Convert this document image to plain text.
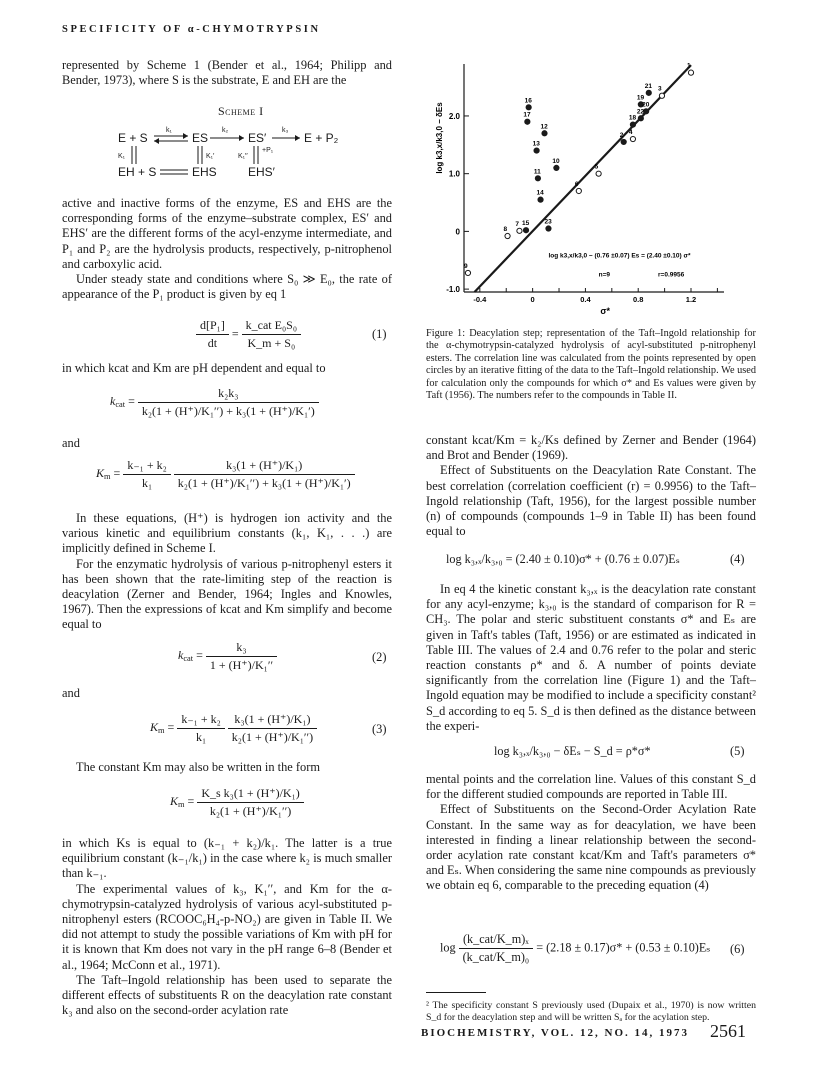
SPECIFICITY OF α-CHYMOTRYPSIN

represented by Scheme 1 (Bender et al., 1964; Philipp and Bender, 1973), where S is the substrate, E and EH are the

Scheme I
E + S
k₁
ES
k₂
ES′
k₃
E + P₂
K₁	K₁′	K₁′′
+P₁
EH + S	EHS	EHS′

active and inactive forms of the enzyme, ES and EHS are the corresponding forms of the enzyme–substrate complex, ES′ and EHS′ are the different forms of the acyl-enzyme intermediate, and P₁ and P₂ are the hydrolysis products, respectively, p-nitrophenol and carboxylic acid.

Under steady state and conditions where S₀ ≫ E₀, the rate of appearance of the P₁ product is given by eq 1

$\frac{\text{d[P₁]}}{dt} = \frac{\text{k\_cat E₀S₀}}{\text{K\_m + S₀}}$	(1)

in which kcat and Km are pH dependent and equal to

$k_{cat} = \frac{\text{k₂k₃}}{\text{k₂(1 + (H⁺)/K₁′′) + k₃(1 + (H⁺)/K₁′)}}$
and
$K_m = \frac{\text{k₋₁ + k₂}}{\text{k₁}}$
$\frac{\text{k₃(1 + (H⁺)/K₁)}}{\text{k₂(1 + (H⁺)/K₁′′) + k₃(1 + (H⁺)/K₁′)}}$

In these equations, (H⁺) is hydrogen ion activity and the various kinetic and equilibrium constants (k₁, K₁, . . .) are implicitly defined in Scheme I.

For the enzymatic hydrolysis of various p-nitrophenyl esters it has been shown that the rate-limiting step of the reaction is deacylation (Zerner and Bender, 1964; Ingles and Knowles, 1967). Then the expressions of kcat and Km simplify and become equal to

$k_{cat} = \frac{\text{k₃}}{\text{1 + (H⁺)/K₁′′}}$	(2)
and
$K_m = \frac{\text{k₋₁ + k₂}}{\text{k₁}}$
$\frac{\text{k₃(1 + (H⁺)/K₁)}}{\text{k₂(1 + (H⁺)/K₁′′)}}$	(3)

The constant Km may also be written in the form

$K_m = \frac{\text{K\_s k₃(1 + (H⁺)/K₁)}}{\text{k₂(1 + (H⁺)/K₁′′)}}$

in which Ks is equal to (k₋₁ + k₂)/k₁. The latter is a true equilibrium constant (k₋₁/k₁) in the case where k₂ is much smaller than k₋₁.

The experimental values of k₃, K₁′′, and Km for the α-chymotrypsin-catalyzed hydrolysis of various acyl-substituted p-nitrophenyl esters (RCOOC₆H₄-p-NO₂) are given in Table II. We did not attempt to study the possible variations of Km with pH for it is known that Km does not vary in the pH range 6–8 (Bender et al., 1964; McConn et al., 1971).

The Taft–Ingold relationship has been used to separate the different effects of substituents R on the deacylation rate constant k₃ and also on the second-order acylation rate

2.0
1.0
0
-1.0
-0.4	0	0.4	0.8	1.2
log k3,x/k3,0 − δEs
σ*
1
2
3
4
5
6
7
8
9
10
11
12
13
14
15
16
17	18
19
20
21
22
23
log k3,x/k3,0 − (0.76 ±0.07) Es = (2.40 ±0.10) σ*
n=9	r=0.9956
Figure 1: Deacylation step; representation of the Taft–Ingold relationship for the α-chymotrypsin-catalyzed hydrolysis of acyl-substituted p-nitrophenyl esters. The correlation line was calculated from the points represented by open circles by an iterative fitting of the data to the Taft–Ingold relationship. We used for calculation only the compounds for which σ* and Es values were given by Taft (1956). The numbers refer to the compounds in Table II.

constant kcat/Km = k₂/Ks defined by Zerner and Bender (1964) and Brot and Bender (1969).

Effect of Substituents on the Deacylation Rate Constant. The best correlation (correlation coefficient (r) = 0.9956) to the Taft–Ingold relationship (Taft, 1956), for the largest possible number (n) of compounds (compounds 1–9 in Table II) has been found equal to

log k₃,ₓ/k₃,₀ = (2.40 ± 0.10)σ* + (0.76 ± 0.07)Eₛ	(4)

In eq 4 the kinetic constant k₃,ₓ is the deacylation rate constant for any acyl-enzyme; k₃,₀ is the standard of comparison for R = CH₃. The polar and steric substituent constants σ* and Eₛ are given in Taft's tables (Taft, 1956) or are estimated as indicated in Table III. The values of 2.4 and 0.76 refer to the polar and steric reaction constants ρ* and δ. A number of points deviate significantly from the correlation line (Figure 1) and the Taft–Ingold equation may be modified to include a specificity constant² S_d according to eq 5. S_d is then defined as the distance between the experi-

log k₃,ₓ/k₃,₀ − δEₛ − S_d = ρ*σ*	(5)

mental points and the correlation line. Values of this constant S_d for the different studied compounds are reported in Table III.

Effect of Substituents on the Second-Order Acylation Rate Constant. In the same way as for deacylation, we have been interested in finding a linear relationship between the second-order acylation rate constant kcat/Km and Taft's parameters σ* and Eₛ. When considering the same nine compounds as previously we obtain eq 6, comparable to the preceding equation (4)

$\log \frac{\text{(k\_cat/K\_m)ₓ}}{\text{(k\_cat/K\_m)₀}} = (2.18 \pm 0.17)\sigma* + (0.53 \pm 0.10)E_s$ (6)
² The specificity constant S previously used (Dupaix et al., 1970) is now written S_d for the deacylation step and will be written Sₐ for the acylation step.
BIOCHEMISTRY, VOL. 12, NO. 14, 1973 2561
